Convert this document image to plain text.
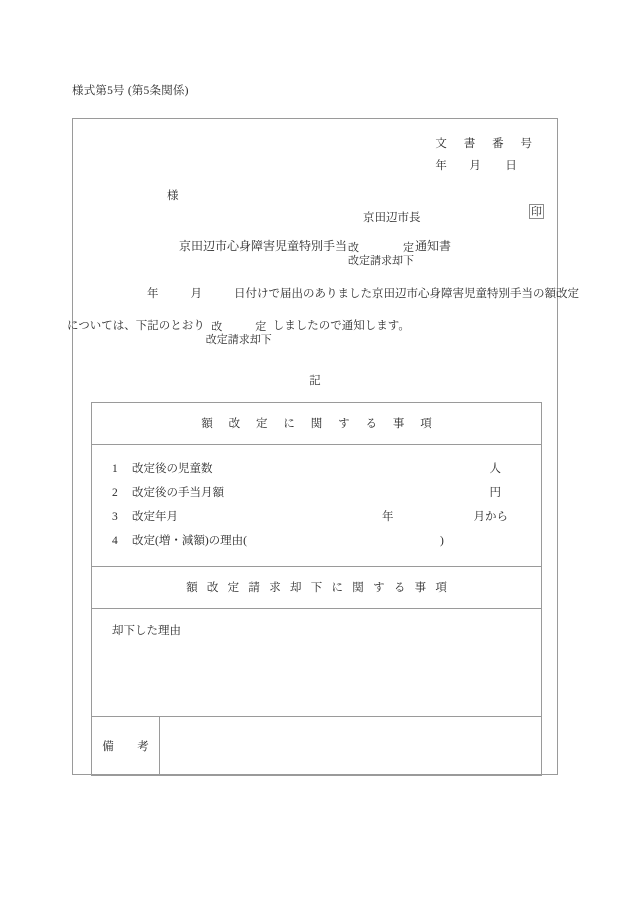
様式第5号 (第5条関係)
文 書 番 号
年 月 日
様
京田辺市長	印
京田辺市心身障害児童特別手当 改　　　　定
改定請求却下
通知書
年	月	日付けで届出のありました京田辺市心身障害児童特別手当の額改定
については、下記のとおり 改　　　定
改定請求却下
しましたので通知します。
記
額 改 定 に 関 す る 事 項
1 改定後の児童数	人
2 改定後の手当月額	円
3 改定年月	年	月から
4 改定(増・減額)の理由(	)
額 改 定 請 求 却 下 に 関 す る 事 項
却下した理由
備　考
